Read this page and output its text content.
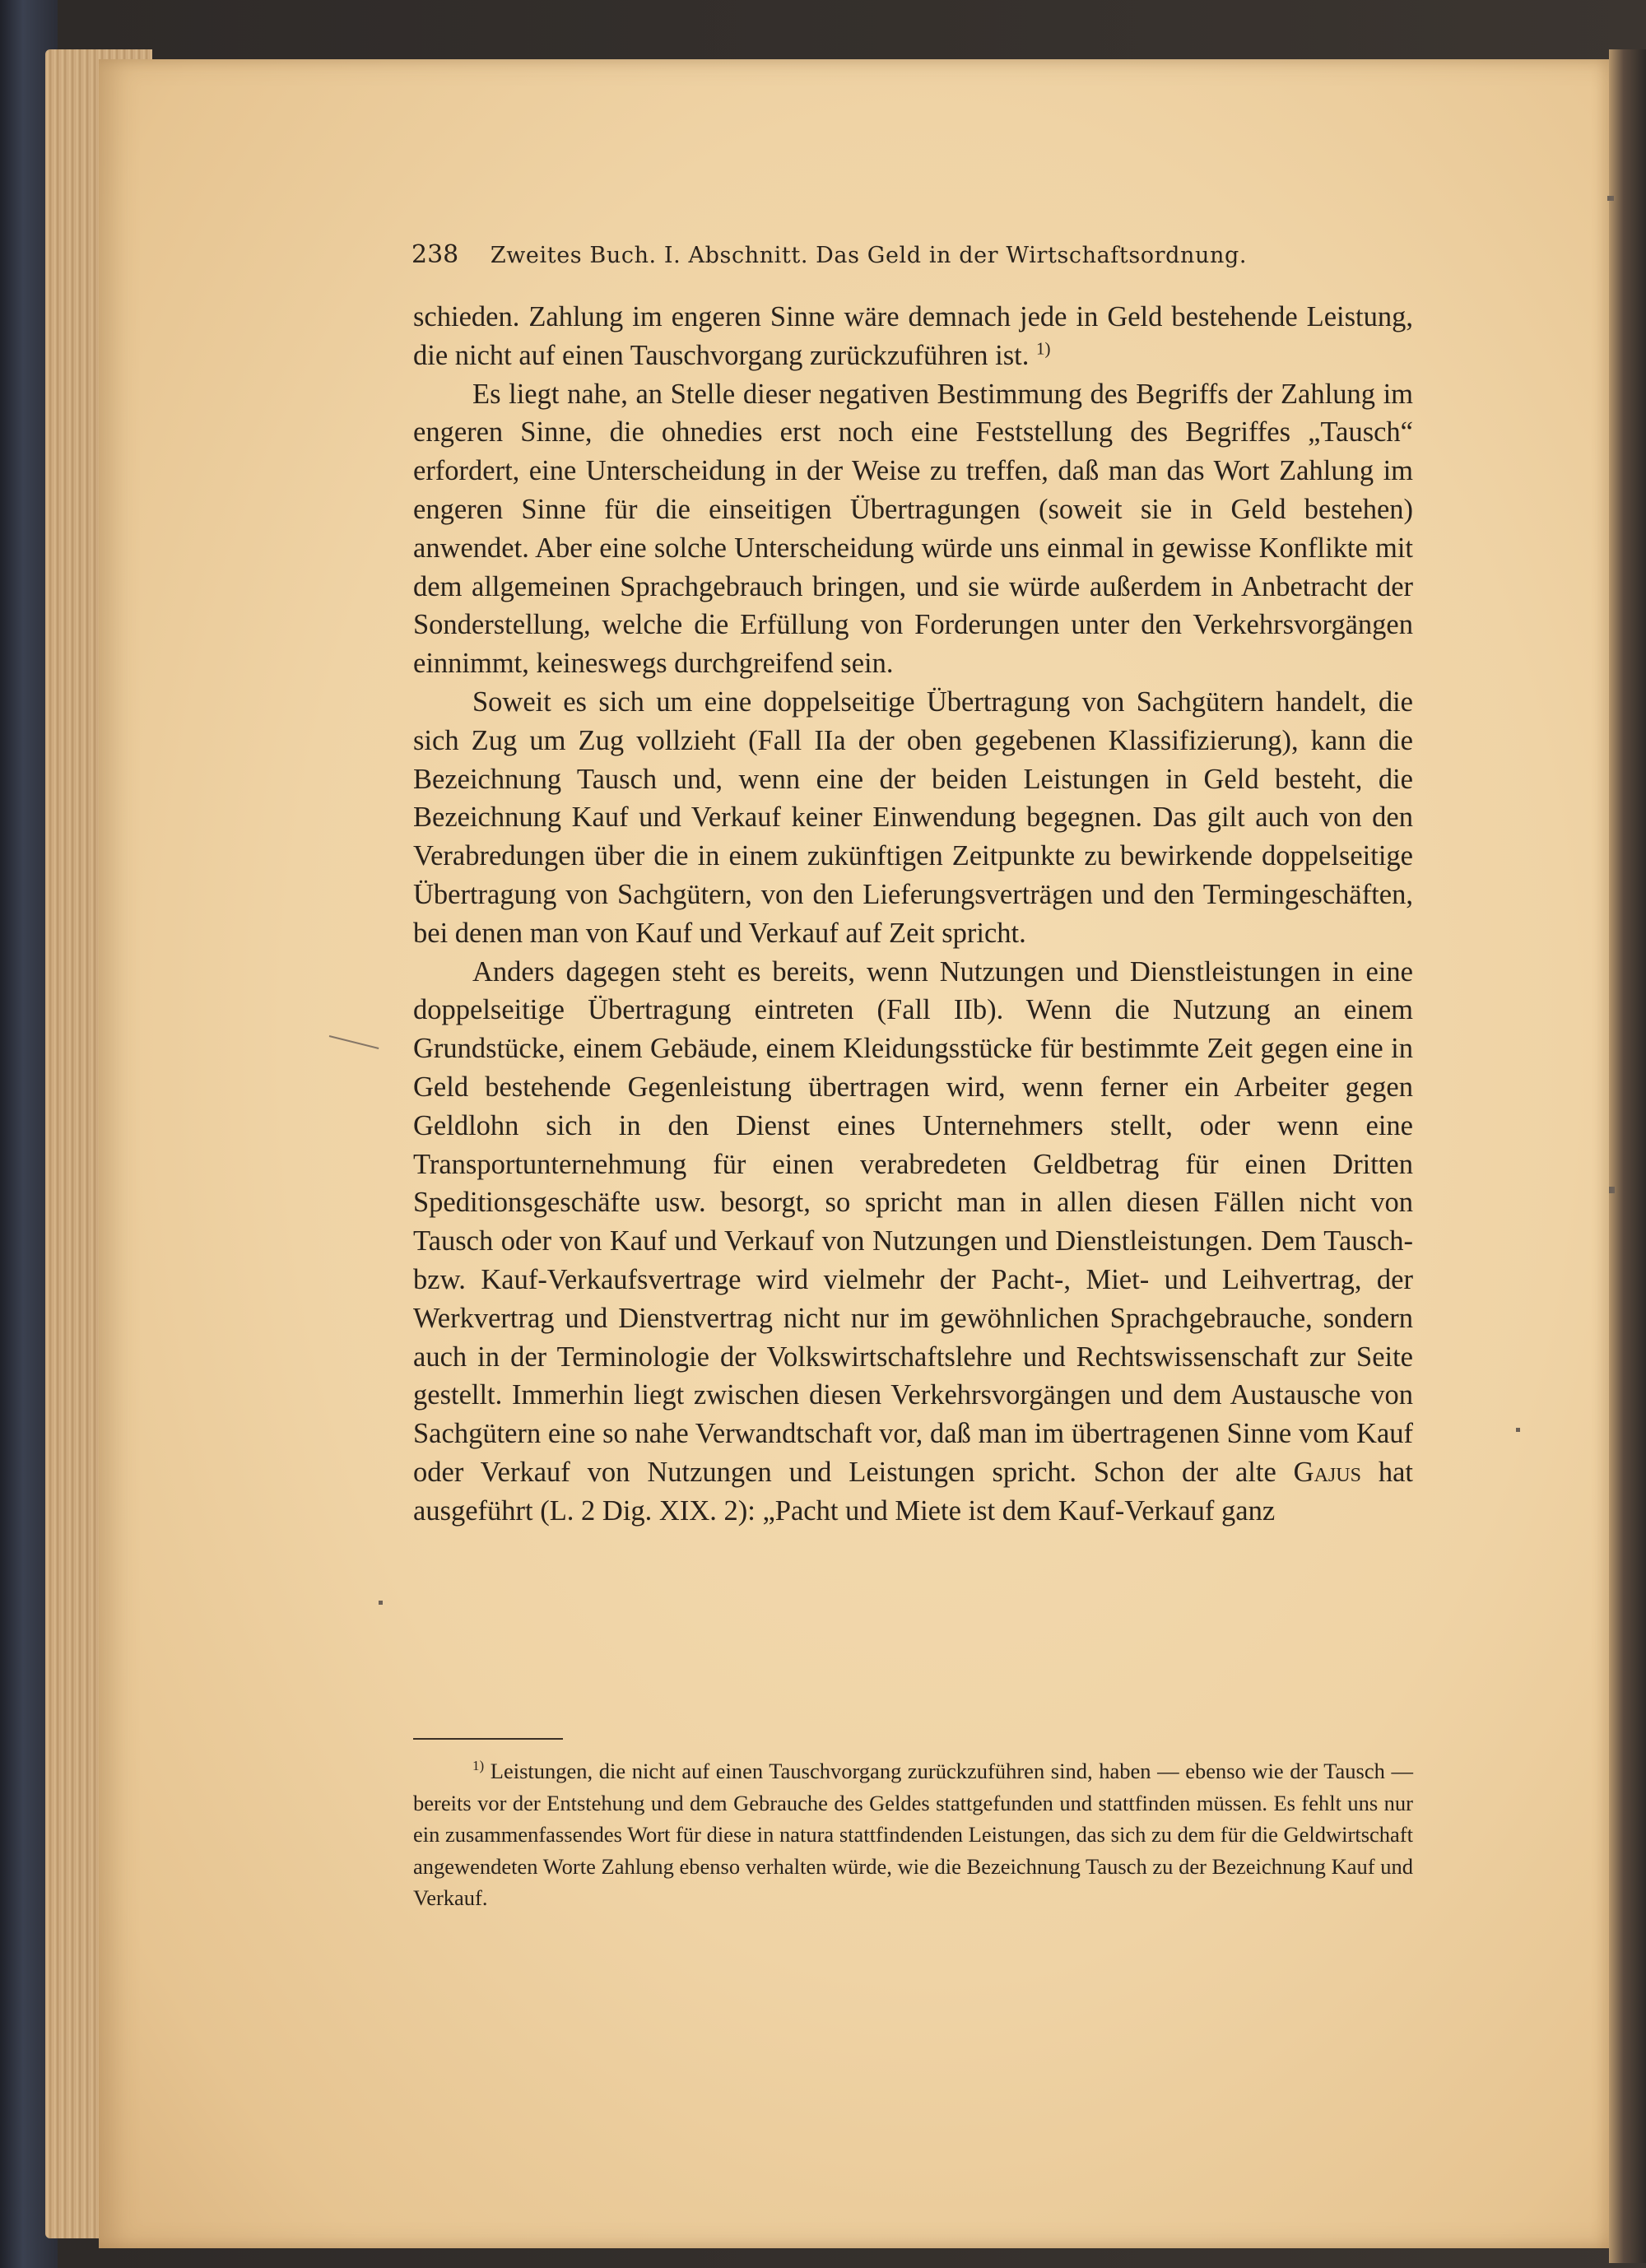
238 Zweites Buch. I. Abschnitt. Das Geld in der Wirtschaftsordnung.

schieden. Zahlung im engeren Sinne wäre demnach jede in Geld bestehende Leistung, die nicht auf einen Tauschvorgang zurückzuführen ist. $^{1)}$

Es liegt nahe, an Stelle dieser negativen Bestimmung des Begriffs der Zahlung im engeren Sinne, die ohnedies erst noch eine Feststellung des Begriffes „Tausch“ erfordert, eine Unterscheidung in der Weise zu treffen, daß man das Wort Zahlung im engeren Sinne für die einseitigen Übertragungen (soweit sie in Geld bestehen) anwendet. Aber eine solche Unterscheidung würde uns einmal in gewisse Konflikte mit dem allgemeinen Sprachgebrauch bringen, und sie würde außerdem in Anbetracht der Sonderstellung, welche die Erfüllung von Forderungen unter den Verkehrsvorgängen einnimmt, keineswegs durchgreifend sein.

Soweit es sich um eine doppelseitige Übertragung von Sachgütern handelt, die sich Zug um Zug vollzieht (Fall IIa der oben gegebenen Klassifizierung), kann die Bezeichnung Tausch und, wenn eine der beiden Leistungen in Geld besteht, die Bezeichnung Kauf und Verkauf keiner Einwendung begegnen. Das gilt auch von den Verabredungen über die in einem zukünftigen Zeitpunkte zu bewirkende doppelseitige Übertragung von Sachgütern, von den Lieferungsverträgen und den Termingeschäften, bei denen man von Kauf und Verkauf auf Zeit spricht.

Anders dagegen steht es bereits, wenn Nutzungen und Dienstleistungen in eine doppelseitige Übertragung eintreten (Fall IIb). Wenn die Nutzung an einem Grundstücke, einem Gebäude, einem Kleidungsstücke für bestimmte Zeit gegen eine in Geld bestehende Gegenleistung übertragen wird, wenn ferner ein Arbeiter gegen Geldlohn sich in den Dienst eines Unternehmers stellt, oder wenn eine Transportunternehmung für einen verabredeten Geldbetrag für einen Dritten Speditionsgeschäfte usw. besorgt, so spricht man in allen diesen Fällen nicht von Tausch oder von Kauf und Verkauf von Nutzungen und Dienstleistungen. Dem Tausch- bzw. Kauf-Verkaufsvertrage wird vielmehr der Pacht-, Miet- und Leihvertrag, der Werkvertrag und Dienstvertrag nicht nur im gewöhnlichen Sprachgebrauche, sondern auch in der Terminologie der Volkswirtschaftslehre und Rechtswissenschaft zur Seite gestellt. Immerhin liegt zwischen diesen Verkehrsvorgängen und dem Austausche von Sachgütern eine so nahe Verwandtschaft vor, daß man im übertragenen Sinne vom Kauf oder Verkauf von Nutzungen und Leistungen spricht. Schon der alte Gajus hat ausgeführt (L. 2 Dig. XIX. 2): „Pacht und Miete ist dem Kauf-Verkauf ganz

$^{1)}$ Leistungen, die nicht auf einen Tauschvorgang zurückzuführen sind, haben — ebenso wie der Tausch — bereits vor der Entstehung und dem Gebrauche des Geldes stattgefunden und stattfinden müssen. Es fehlt uns nur ein zusammenfassendes Wort für diese in natura stattfindenden Leistungen, das sich zu dem für die Geldwirtschaft angewendeten Worte Zahlung ebenso verhalten würde, wie die Bezeichnung Tausch zu der Bezeichnung Kauf und Verkauf.
